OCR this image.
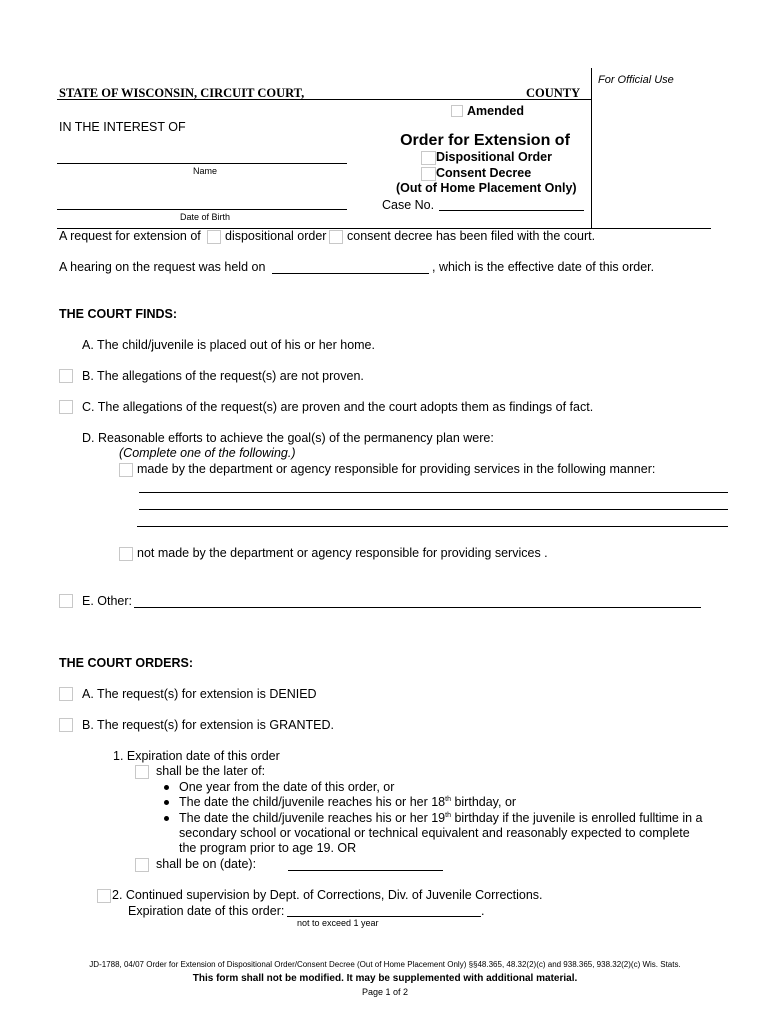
For Official Use
STATE OF WISCONSIN, CIRCUIT COURT,	COUNTY
Amended
IN THE INTEREST OF
Name
Date of Birth
Order for Extension of
Dispositional Order
Consent Decree
(Out of Home Placement Only)
Case No.
A request for extension of dispositional order consent decree has been filed with the court.
A hearing on the request was held on	, which is the effective date of this order.
THE COURT FINDS:
A. The child/juvenile is placed out of his or her home.
B. The allegations of the request(s) are not proven.
C. The allegations of the request(s) are proven and the court adopts them as findings of fact.
D. Reasonable efforts to achieve the goal(s) of the permanency plan were:
(Complete one of the following.)
made by the department or agency responsible for providing services in the following manner:
not made by the department or agency responsible for providing services .
E. Other:
THE COURT ORDERS:
A. The request(s) for extension is DENIED
B. The request(s) for extension is GRANTED.
1. Expiration date of this order
shall be the later of:
One year from the date of this order, or
The date the child/juvenile reaches his or her 18th birthday, or
The date the child/juvenile reaches his or her 19th birthday if the juvenile is enrolled fulltime in a
secondary school or vocational or technical equivalent and reasonably expected to complete
the program prior to age 19. OR
shall be on (date):
2. Continued supervision by Dept. of Corrections, Div. of Juvenile Corrections.
Expiration date of this order:	.
not to exceed 1 year
JD-1788, 04/07 Order for Extension of Dispositional Order/Consent Decree (Out of Home Placement Only) §§48.365, 48.32(2)(c) and 938.365, 938.32(2)(c) Wis. Stats.
This form shall not be modified. It may be supplemented with additional material.
Page 1 of 2
